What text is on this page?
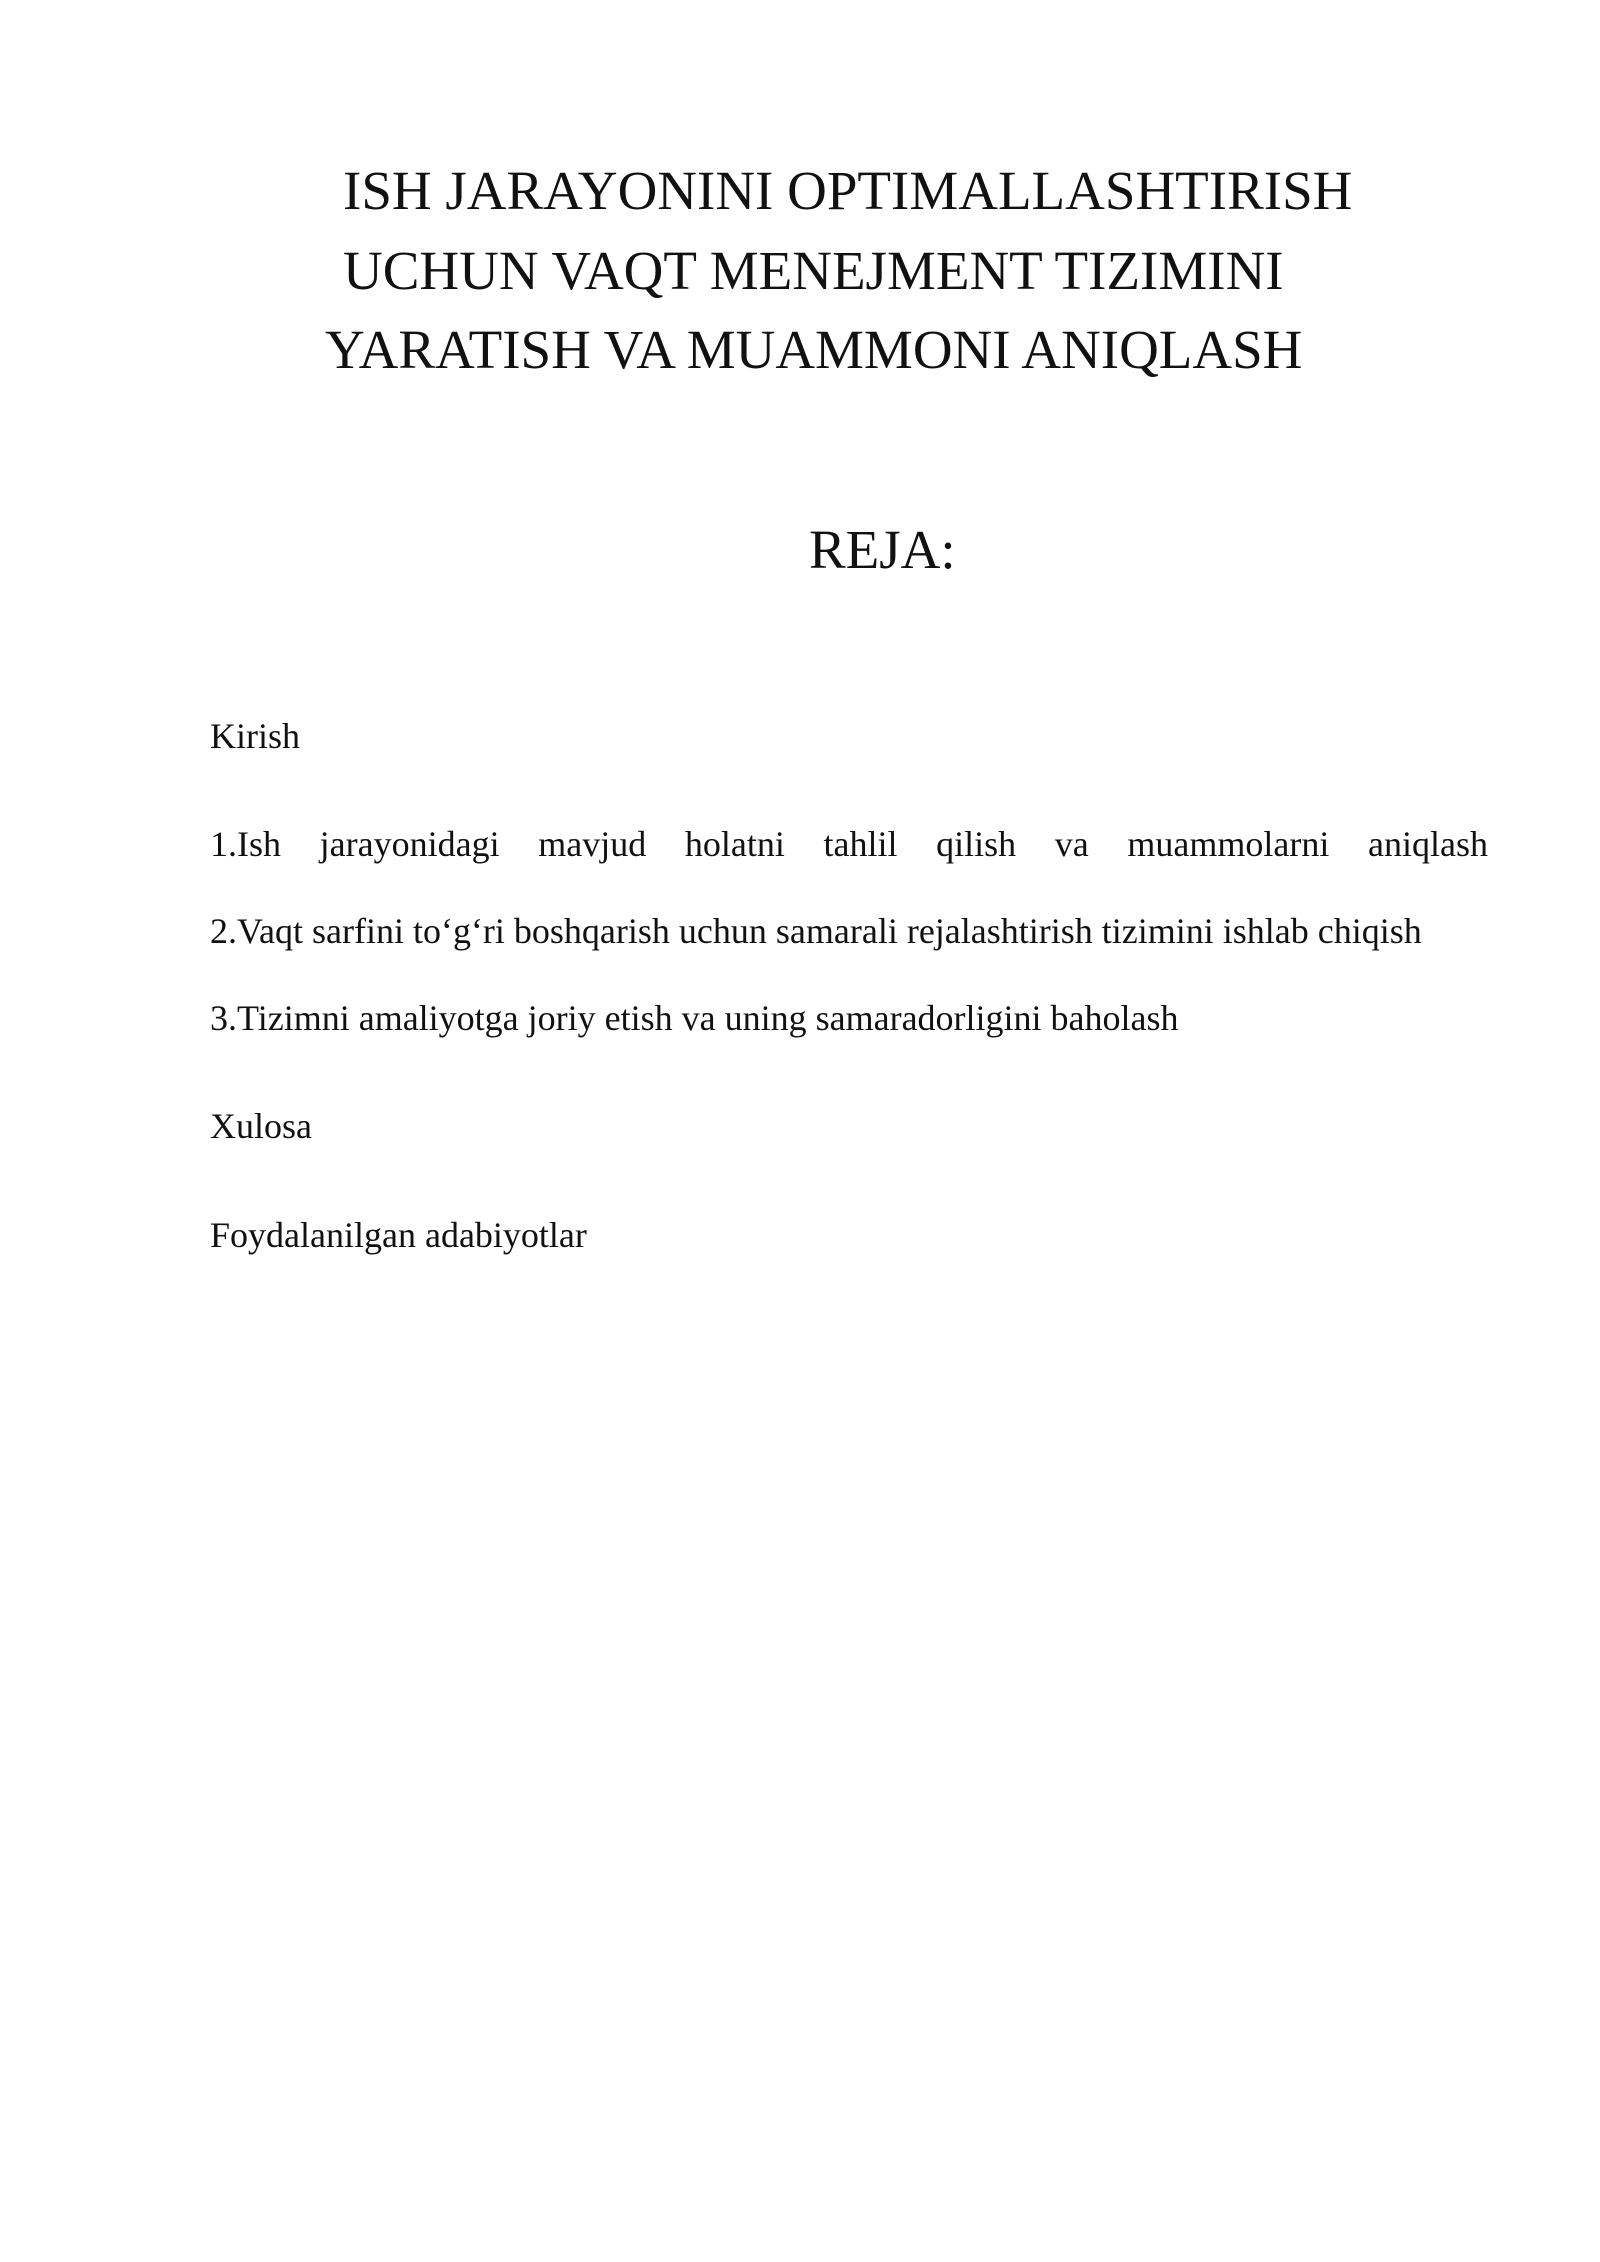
ISH JARAYONINI OPTIMALLASHTIRISH
UCHUN VAQT MENEJMENT TIZIMINI
YARATISH VA MUAMMONI ANIQLASH
REJA:
Kirish
1.Ish jarayonidagi mavjud holatni tahlil qilish va muammolarni aniqlash
2.Vaqt sarfini to‘g‘ri boshqarish uchun samarali rejalashtirish tizimini ishlab chiqish
3.Tizimni amaliyotga joriy etish va uning samaradorligini baholash
Xulosa
Foydalanilgan adabiyotlar
